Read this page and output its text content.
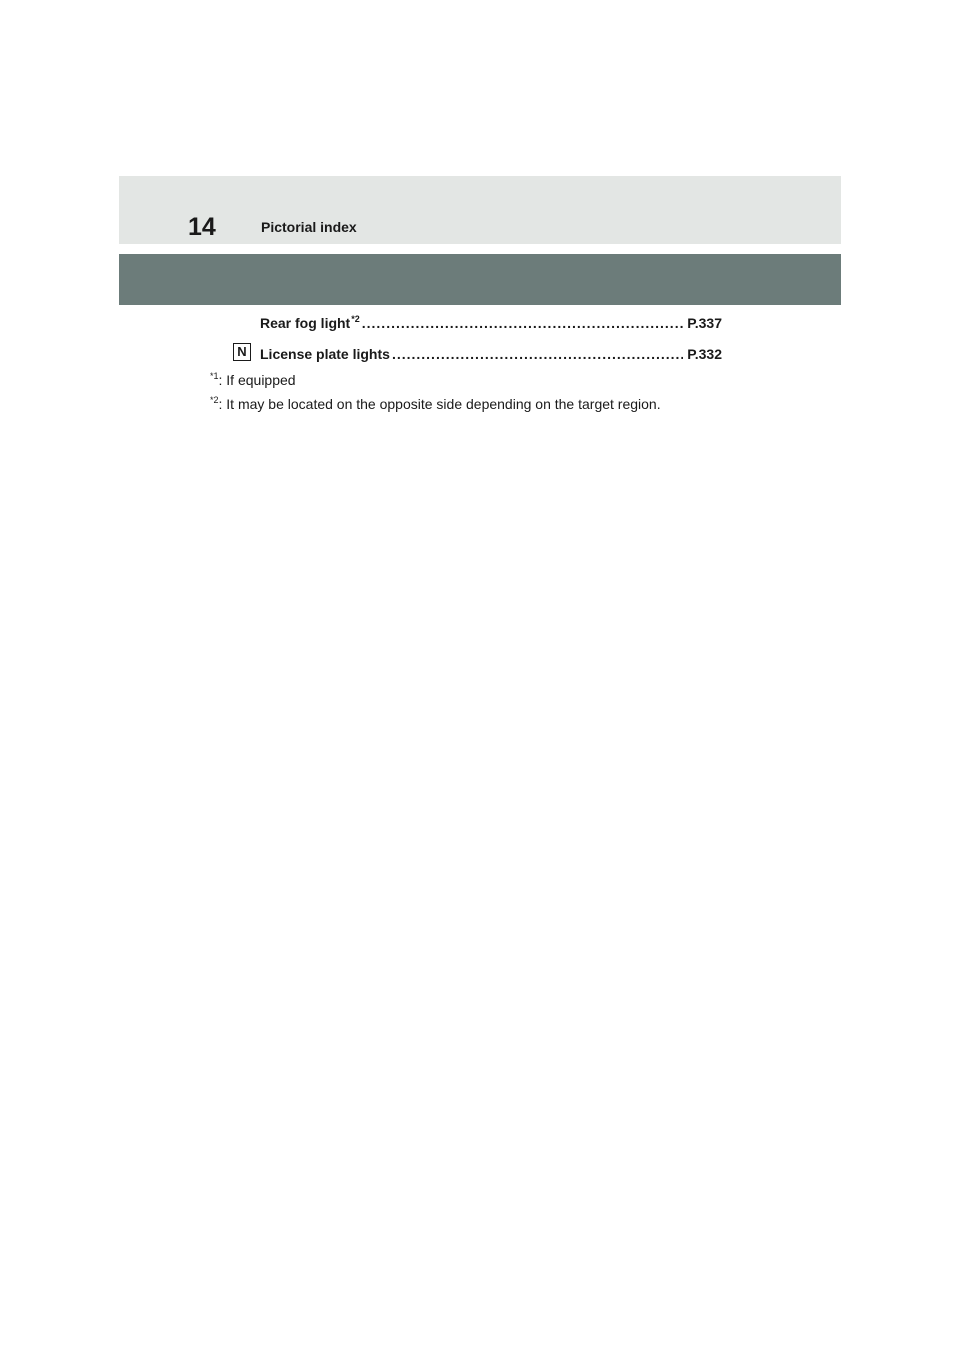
14	Pictorial index
Rear fog light$^{*2}$ .....	P.337
N License plate lights .....	P.332
$^{*1}$: If equipped
$^{*2}$: It may be located on the opposite side depending on the target region.
